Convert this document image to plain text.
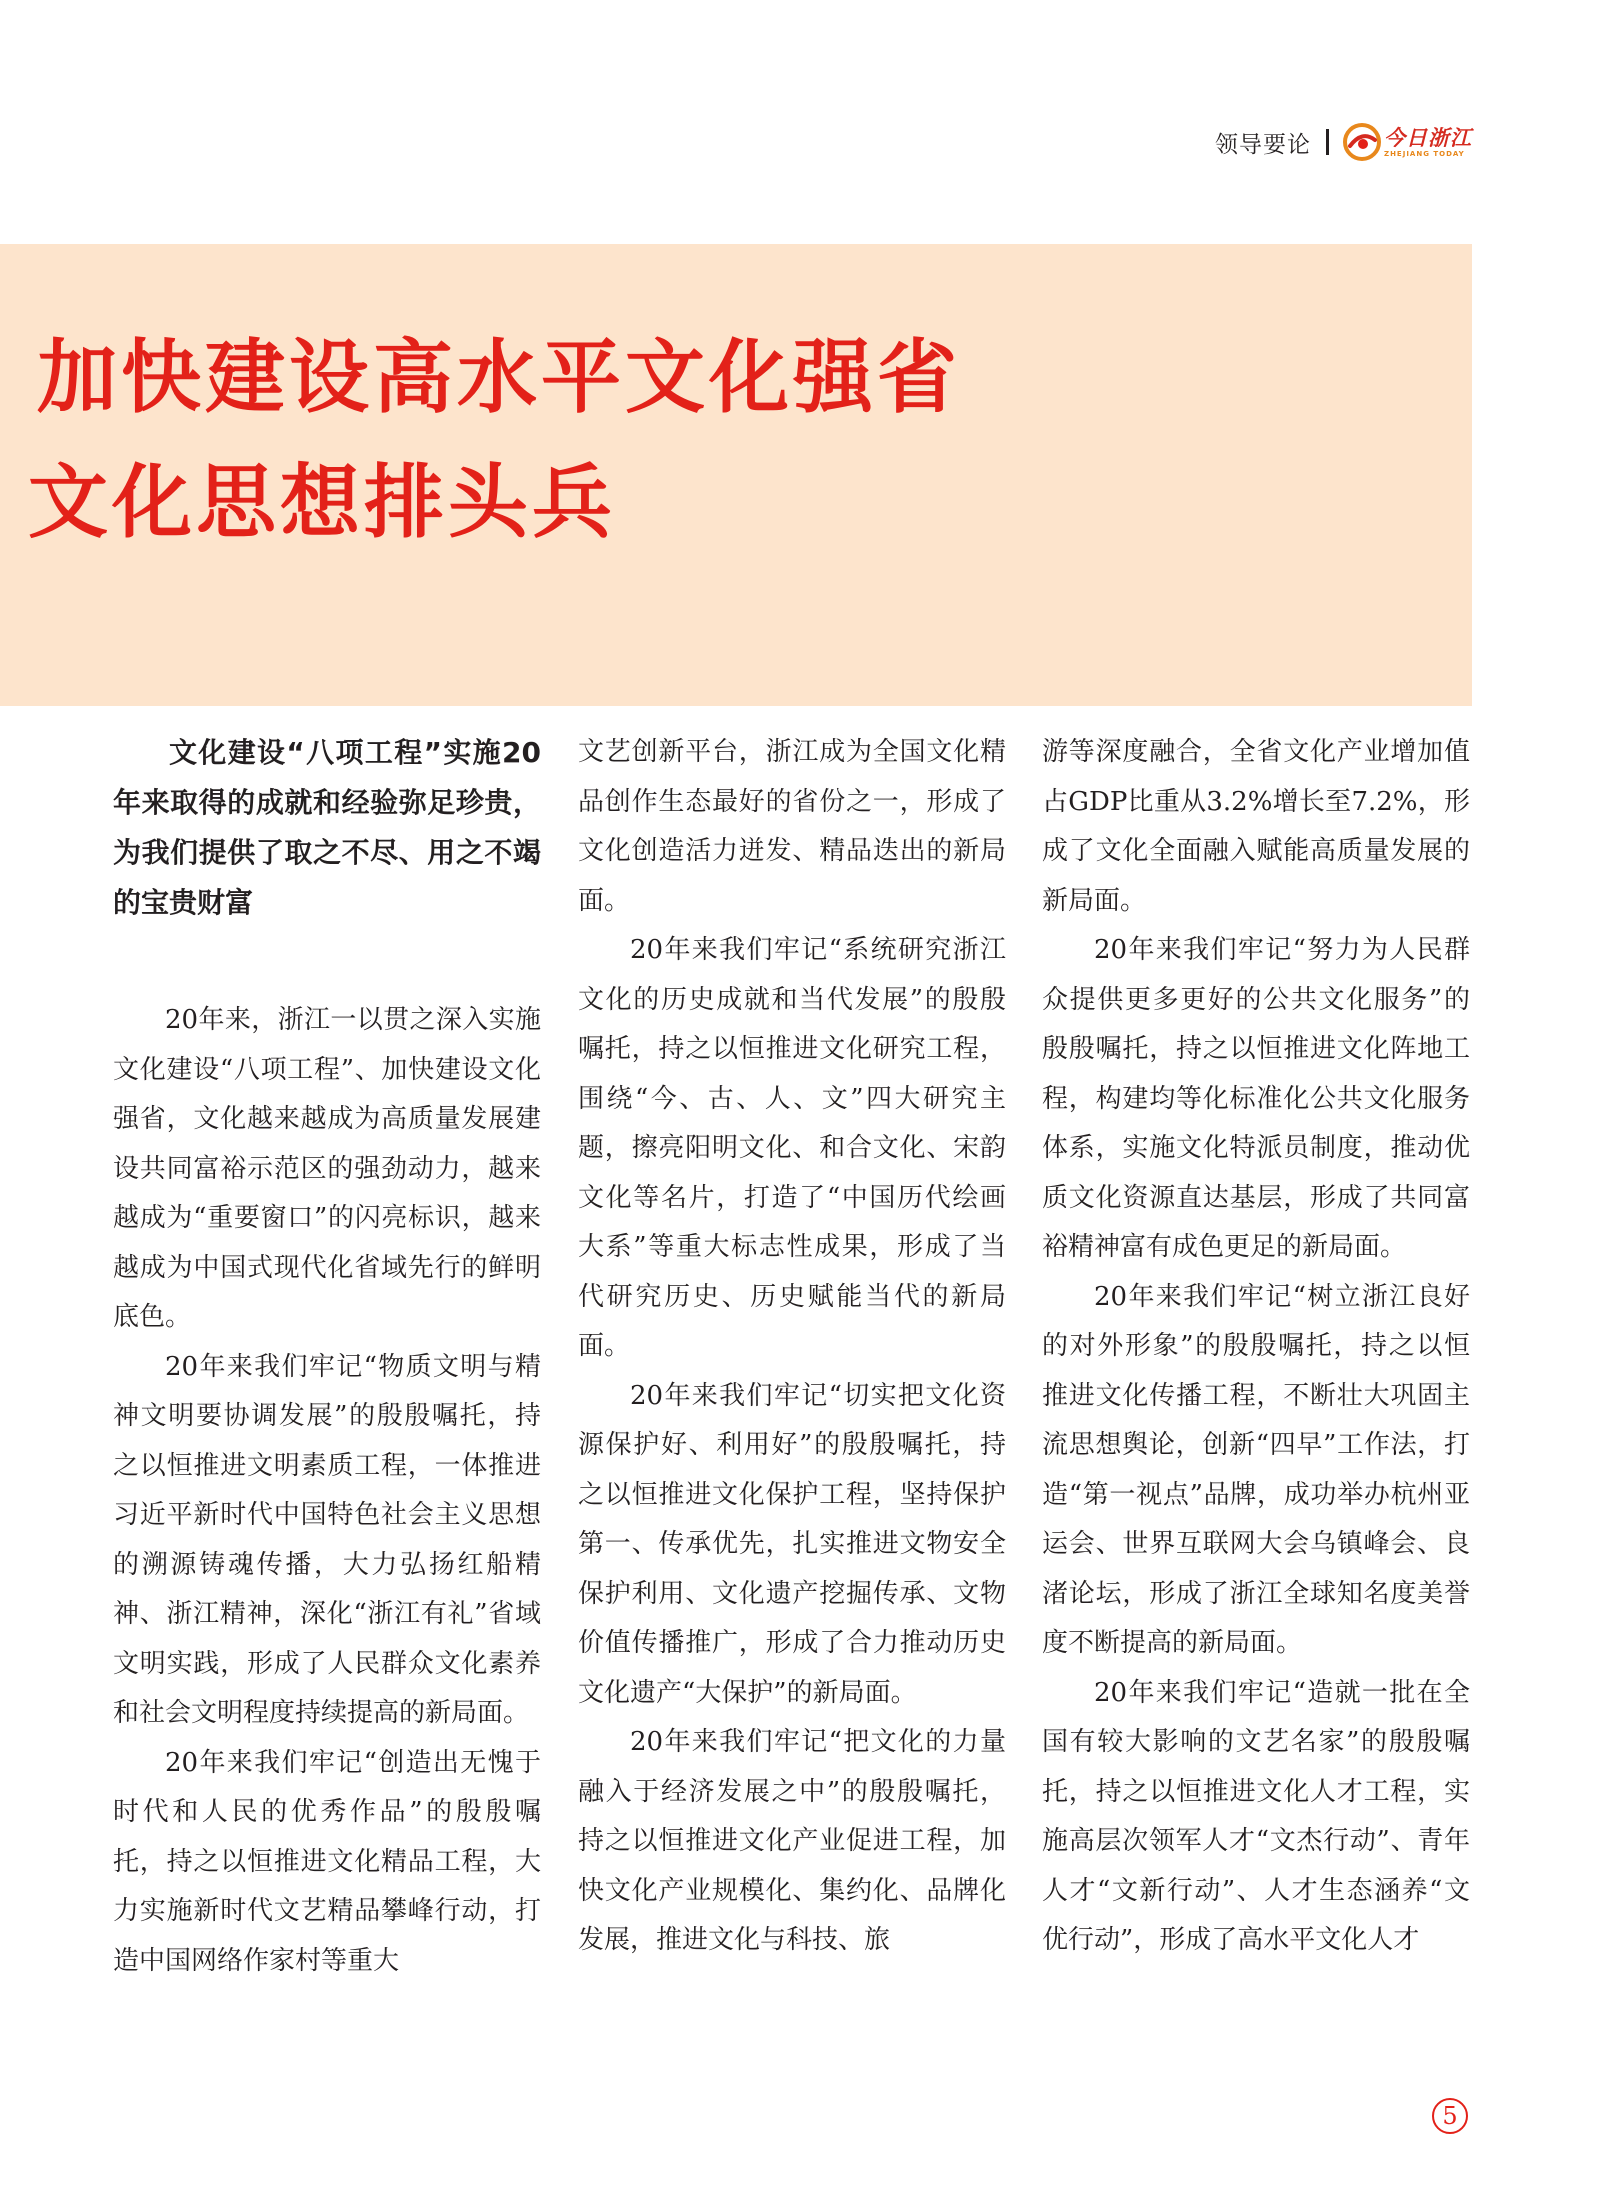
领导要论	今日浙江
ZHEJIANG TODAY
加快建设高水平文化强省
文化思想排头兵

文化建设“八项工程”实施20年来取得的成就和经验弥足珍贵，为我们提供了取之不尽、用之不竭的宝贵财富

20年来，浙江一以贯之深入实施文化建设“八项工程”、加快建设文化强省，文化越来越成为高质量发展建设共同富裕示范区的强劲动力，越来越成为“重要窗口”的闪亮标识，越来越成为中国式现代化省域先行的鲜明底色。

20年来我们牢记“物质文明与精神文明要协调发展”的殷殷嘱托，持之以恒推进文明素质工程，一体推进习近平新时代中国特色社会主义思想的溯源铸魂传播，大力弘扬红船精神、浙江精神，深化“浙江有礼”省域文明实践，形成了人民群众文化素养和社会文明程度持续提高的新局面。

20年来我们牢记“创造出无愧于时代和人民的优秀作品”的殷殷嘱托，持之以恒推进文化精品工程，大力实施新时代文艺精品攀峰行动，打造中国网络作家村等重大

文艺创新平台，浙江成为全国文化精品创作生态最好的省份之一，形成了文化创造活力迸发、精品迭出的新局面。

20年来我们牢记“系统研究浙江文化的历史成就和当代发展”的殷殷嘱托，持之以恒推进文化研究工程，围绕“今、古、人、文”四大研究主题，擦亮阳明文化、和合文化、宋韵文化等名片，打造了“中国历代绘画大系”等重大标志性成果，形成了当代研究历史、历史赋能当代的新局面。

20年来我们牢记“切实把文化资源保护好、利用好”的殷殷嘱托，持之以恒推进文化保护工程，坚持保护第一、传承优先，扎实推进文物安全保护利用、文化遗产挖掘传承、文物价值传播推广，形成了合力推动历史文化遗产“大保护”的新局面。

20年来我们牢记“把文化的力量融入于经济发展之中”的殷殷嘱托，持之以恒推进文化产业促进工程，加快文化产业规模化、集约化、品牌化发展，推进文化与科技、旅

游等深度融合，全省文化产业增加值占GDP比重从3.2%增长至7.2%，形成了文化全面融入赋能高质量发展的新局面。

20年来我们牢记“努力为人民群众提供更多更好的公共文化服务”的殷殷嘱托，持之以恒推进文化阵地工程，构建均等化标准化公共文化服务体系，实施文化特派员制度，推动优质文化资源直达基层，形成了共同富裕精神富有成色更足的新局面。

20年来我们牢记“树立浙江良好的对外形象”的殷殷嘱托，持之以恒推进文化传播工程，不断壮大巩固主流思想舆论，创新“四早”工作法，打造“第一视点”品牌，成功举办杭州亚运会、世界互联网大会乌镇峰会、良渚论坛，形成了浙江全球知名度美誉度不断提高的新局面。

20年来我们牢记“造就一批在全国有较大影响的文艺名家”的殷殷嘱托，持之以恒推进文化人才工程，实施高层次领军人才“文杰行动”、青年人才“文新行动”、人才生态涵养“文优行动”，形成了高水平文化人才

5
